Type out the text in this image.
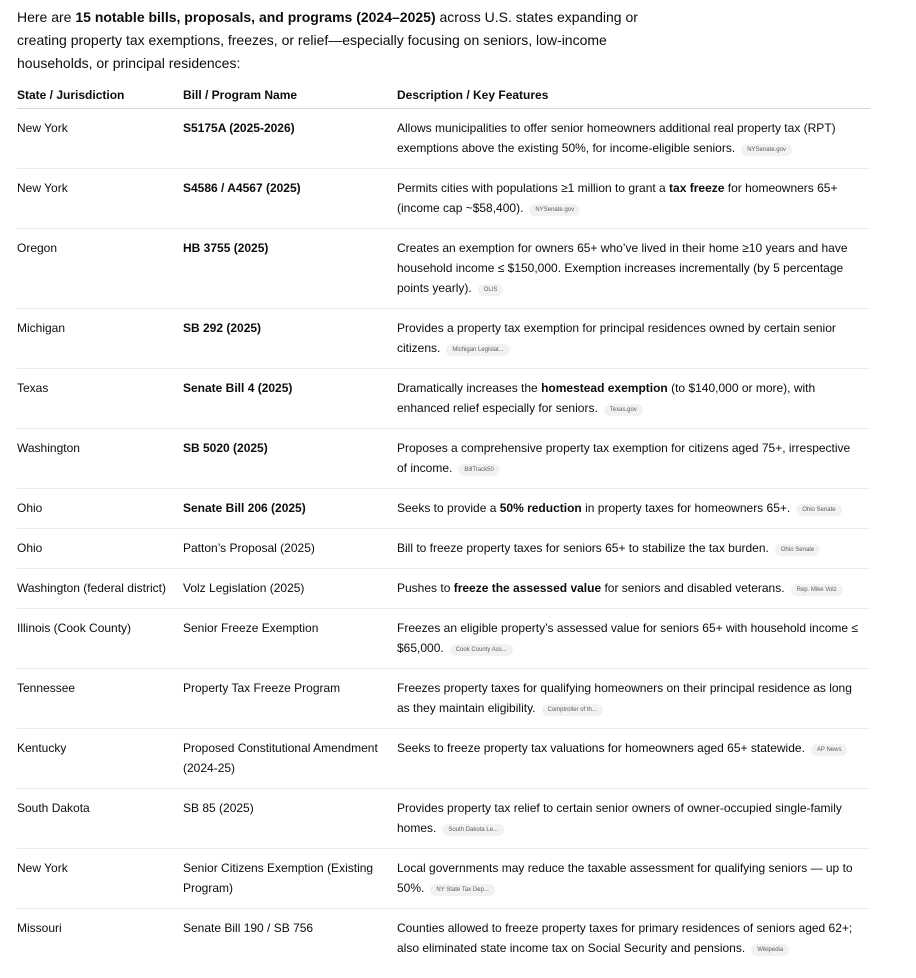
Here are 15 notable bills, proposals, and programs (2024–2025) across U.S. states expanding or creating property tax exemptions, freezes, or relief—especially focusing on seniors, low-income households, or principal residences:

State / Jurisdiction	Bill / Program Name	Description / Key Features
New York	S5175A (2025-2026)	Allows municipalities to offer senior homeowners additional real property tax (RPT) exemptions above the existing 50%, for income-eligible seniors. NYSenate.gov
New York	S4586 / A4567 (2025)	Permits cities with populations ≥1 million to grant a tax freeze for homeowners 65+ (income cap ~$58,400). NYSenate.gov
Oregon	HB 3755 (2025)	Creates an exemption for owners 65+ who’ve lived in their home ≥10 years and have household income ≤ $150,000. Exemption increases incrementally (by 5 percentage points yearly). OLIS
Michigan	SB 292 (2025)	Provides a property tax exemption for principal residences owned by certain senior citizens. Michigan Legislat...
Texas	Senate Bill 4 (2025)	Dramatically increases the homestead exemption (to $140,000 or more), with enhanced relief especially for seniors. Texas.gov
Washington	SB 5020 (2025)	Proposes a comprehensive property tax exemption for citizens aged 75+, irrespective of income. BillTrack50
Ohio	Senate Bill 206 (2025)	Seeks to provide a 50% reduction in property taxes for homeowners 65+. Ohio Senate
Ohio	Patton’s Proposal (2025)	Bill to freeze property taxes for seniors 65+ to stabilize the tax burden. Ohio Senate
Washington (federal district)	Volz Legislation (2025)	Pushes to freeze the assessed value for seniors and disabled veterans. Rep. Mike Volz
Illinois (Cook County)	Senior Freeze Exemption	Freezes an eligible property’s assessed value for seniors 65+ with household income ≤ $65,000. Cook County Ass...
Tennessee	Property Tax Freeze Program	Freezes property taxes for qualifying homeowners on their principal residence as long as they maintain eligibility. Comptroller of th...
Kentucky	Proposed Constitutional Amendment (2024-25)	Seeks to freeze property tax valuations for homeowners aged 65+ statewide. AP News
South Dakota	SB 85 (2025)	Provides property tax relief to certain senior owners of owner-occupied single-family homes. South Dakota Le...
New York	Senior Citizens Exemption (Existing Program)	Local governments may reduce the taxable assessment for qualifying seniors — up to 50%. NY State Tax Dep...
Missouri	Senate Bill 190 / SB 756	Counties allowed to freeze property taxes for primary residences of seniors aged 62+; also eliminated state income tax on Social Security and pensions. Wikipedia
